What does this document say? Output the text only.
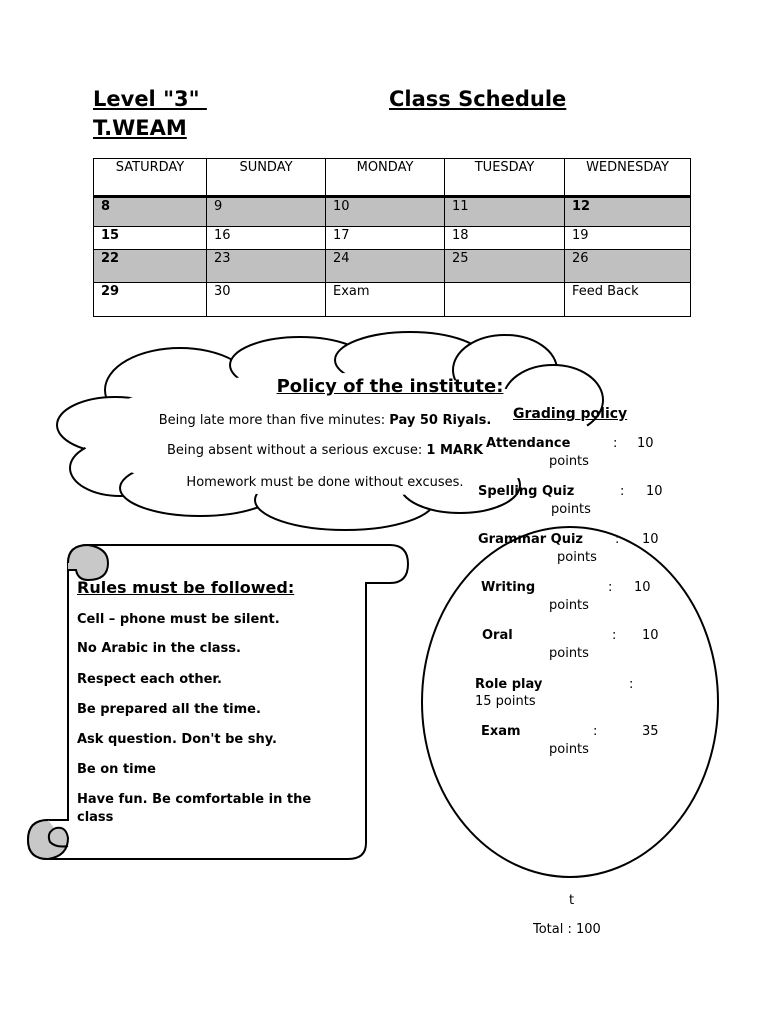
Level "3"	Class Schedule
T.WEAM
SATURDAY	SUNDAY	MONDAY	TUESDAY	WEDNESDAY
8	9	10	11	12
15	16	17	18	19
22	23	24	25	26
29	30	Exam		Feed Back
Policy of the institute:
Being late more than five minutes: Pay 50 Riyals.
Being absent without a serious excuse: 1 MARK
Homework must be done without excuses.
Rules must be followed:
Cell – phone must be silent.
No Arabic in the class.
Respect each other.
Be prepared all the time.
Ask question. Don't be shy.
Be on time
Have fun. Be comfortable in the class
Grading policy
Attendance	: 10
points
Spelling Quiz	: 10
points
Grammar Quiz : 10
points
Writing	: 10
points
Oral	: 10
points
Role play	:
15 points
Exam	:	35
points
t
Total : 100
